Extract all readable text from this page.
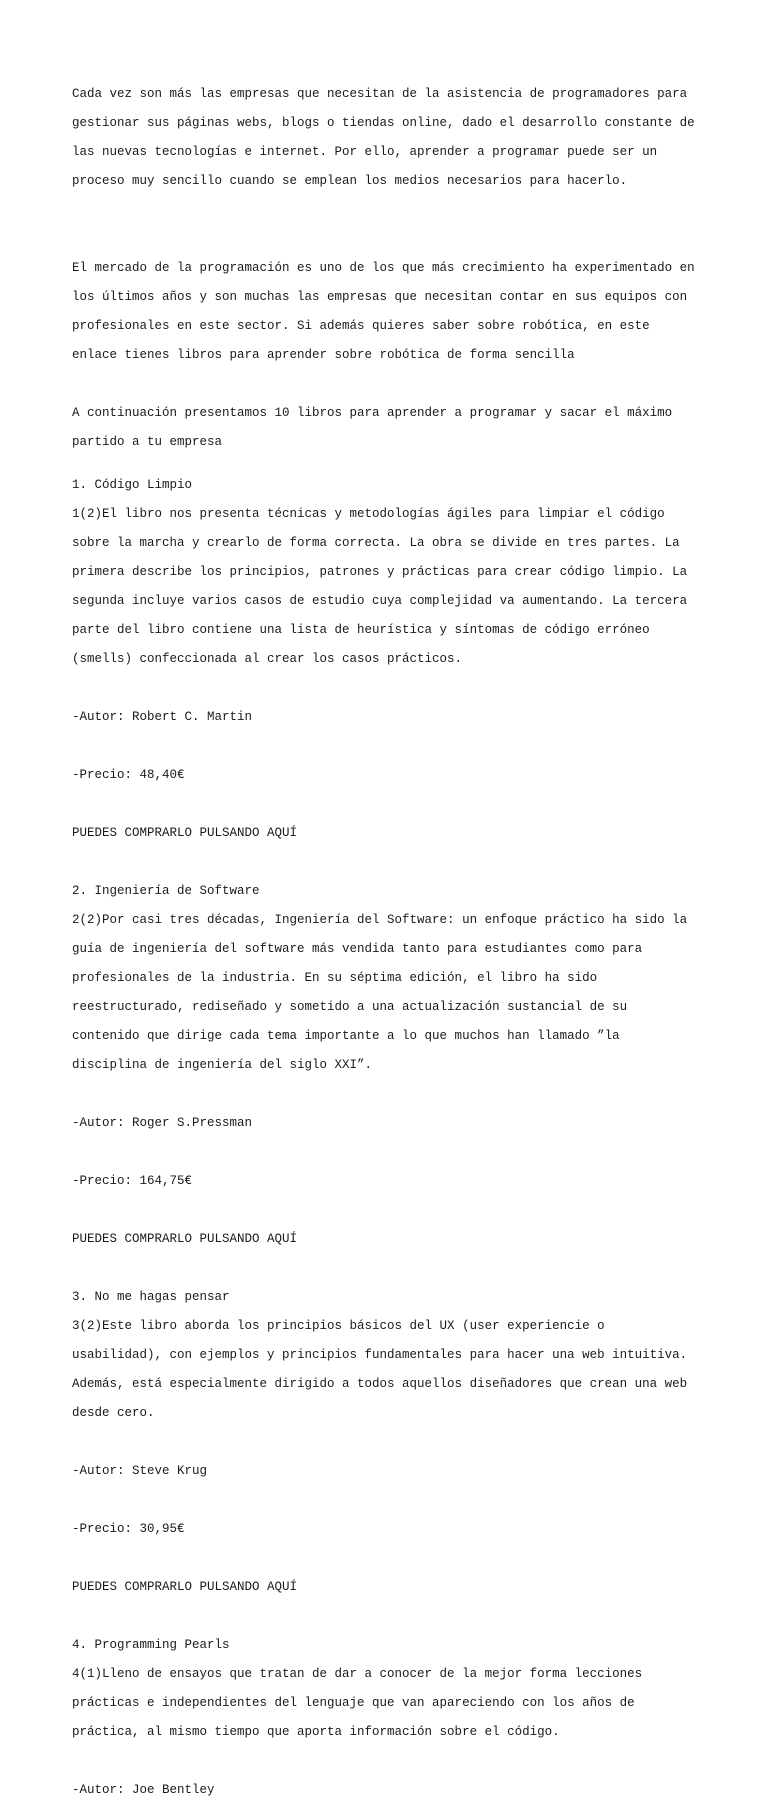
Cada vez son más las empresas que necesitan de la asistencia de programadores para

gestionar sus páginas webs, blogs o tiendas online, dado el desarrollo constante de

las nuevas tecnologías e internet. Por ello, aprender a programar puede ser un

proceso muy sencillo cuando se emplean los medios necesarios para hacerlo.

El mercado de la programación es uno de los que más crecimiento ha experimentado en

los últimos años y son muchas las empresas que necesitan contar en sus equipos con

profesionales en este sector. Si además quieres saber sobre robótica, en este

enlace tienes libros para aprender sobre robótica de forma sencilla

A continuación presentamos 10 libros para aprender a programar y sacar el máximo

partido a tu empresa

1. Código Limpio

1(2)El libro nos presenta técnicas y metodologías ágiles para limpiar el código

sobre la marcha y crearlo de forma correcta. La obra se divide en tres partes. La

primera describe los principios, patrones y prácticas para crear código limpio. La

segunda incluye varios casos de estudio cuya complejidad va aumentando. La tercera

parte del libro contiene una lista de heurística y síntomas de código erróneo

(smells) confeccionada al crear los casos prácticos.

-Autor: Robert C. Martin

-Precio: 48,40€

PUEDES COMPRARLO PULSANDO AQUÍ

2. Ingeniería de Software

2(2)Por casi tres décadas, Ingeniería del Software: un enfoque práctico ha sido la

guía de ingeniería del software más vendida tanto para estudiantes como para

profesionales de la industria. En su séptima edición, el libro ha sido

reestructurado, rediseñado y sometido a una actualización sustancial de su

contenido que dirige cada tema importante a lo que muchos han llamado ”la

disciplina de ingeniería del siglo XXI”.

-Autor: Roger S.Pressman

-Precio: 164,75€

PUEDES COMPRARLO PULSANDO AQUÍ

3. No me hagas pensar

3(2)Este libro aborda los principios básicos del UX (user experiencie o

usabilidad), con ejemplos y principios fundamentales para hacer una web intuitiva.

Además, está especialmente dirigido a todos aquellos diseñadores que crean una web

desde cero.

-Autor: Steve Krug

-Precio: 30,95€

PUEDES COMPRARLO PULSANDO AQUÍ

4. Programming Pearls

4(1)Lleno de ensayos que tratan de dar a conocer de la mejor forma lecciones

prácticas e independientes del lenguaje que van apareciendo con los años de

práctica, al mismo tiempo que aporta información sobre el código.

-Autor: Joe Bentley
